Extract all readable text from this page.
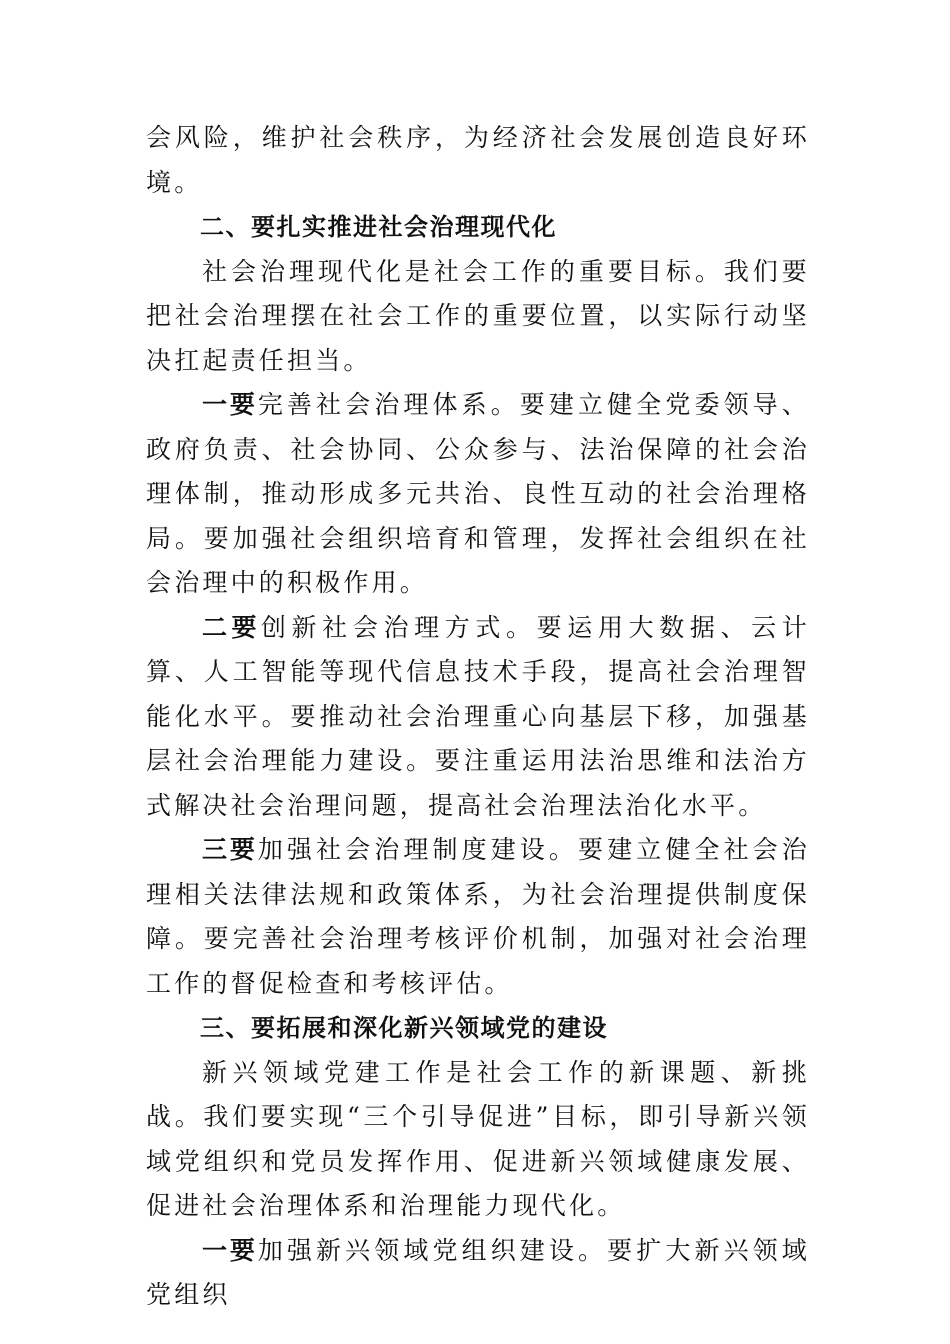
会风险，维护社会秩序，为经济社会发展创造良好环境。

二、要扎实推进社会治理现代化

社会治理现代化是社会工作的重要目标。我们要把社会治理摆在社会工作的重要位置，以实际行动坚决扛起责任担当。

一要完善社会治理体系。要建立健全党委领导、政府负责、社会协同、公众参与、法治保障的社会治理体制，推动形成多元共治、良性互动的社会治理格局。要加强社会组织培育和管理，发挥社会组织在社会治理中的积极作用。

二要创新社会治理方式。要运用大数据、云计算、人工智能等现代信息技术手段，提高社会治理智能化水平。要推动社会治理重心向基层下移，加强基层社会治理能力建设。要注重运用法治思维和法治方式解决社会治理问题，提高社会治理法治化水平。

三要加强社会治理制度建设。要建立健全社会治理相关法律法规和政策体系，为社会治理提供制度保障。要完善社会治理考核评价机制，加强对社会治理工作的督促检查和考核评估。

三、要拓展和深化新兴领域党的建设

新兴领域党建工作是社会工作的新课题、新挑战。我们要实现“三个引导促进”目标，即引导新兴领域党组织和党员发挥作用、促进新兴领域健康发展、促进社会治理体系和治理能力现代化。

一要加强新兴领域党组织建设。要扩大新兴领域党组织
